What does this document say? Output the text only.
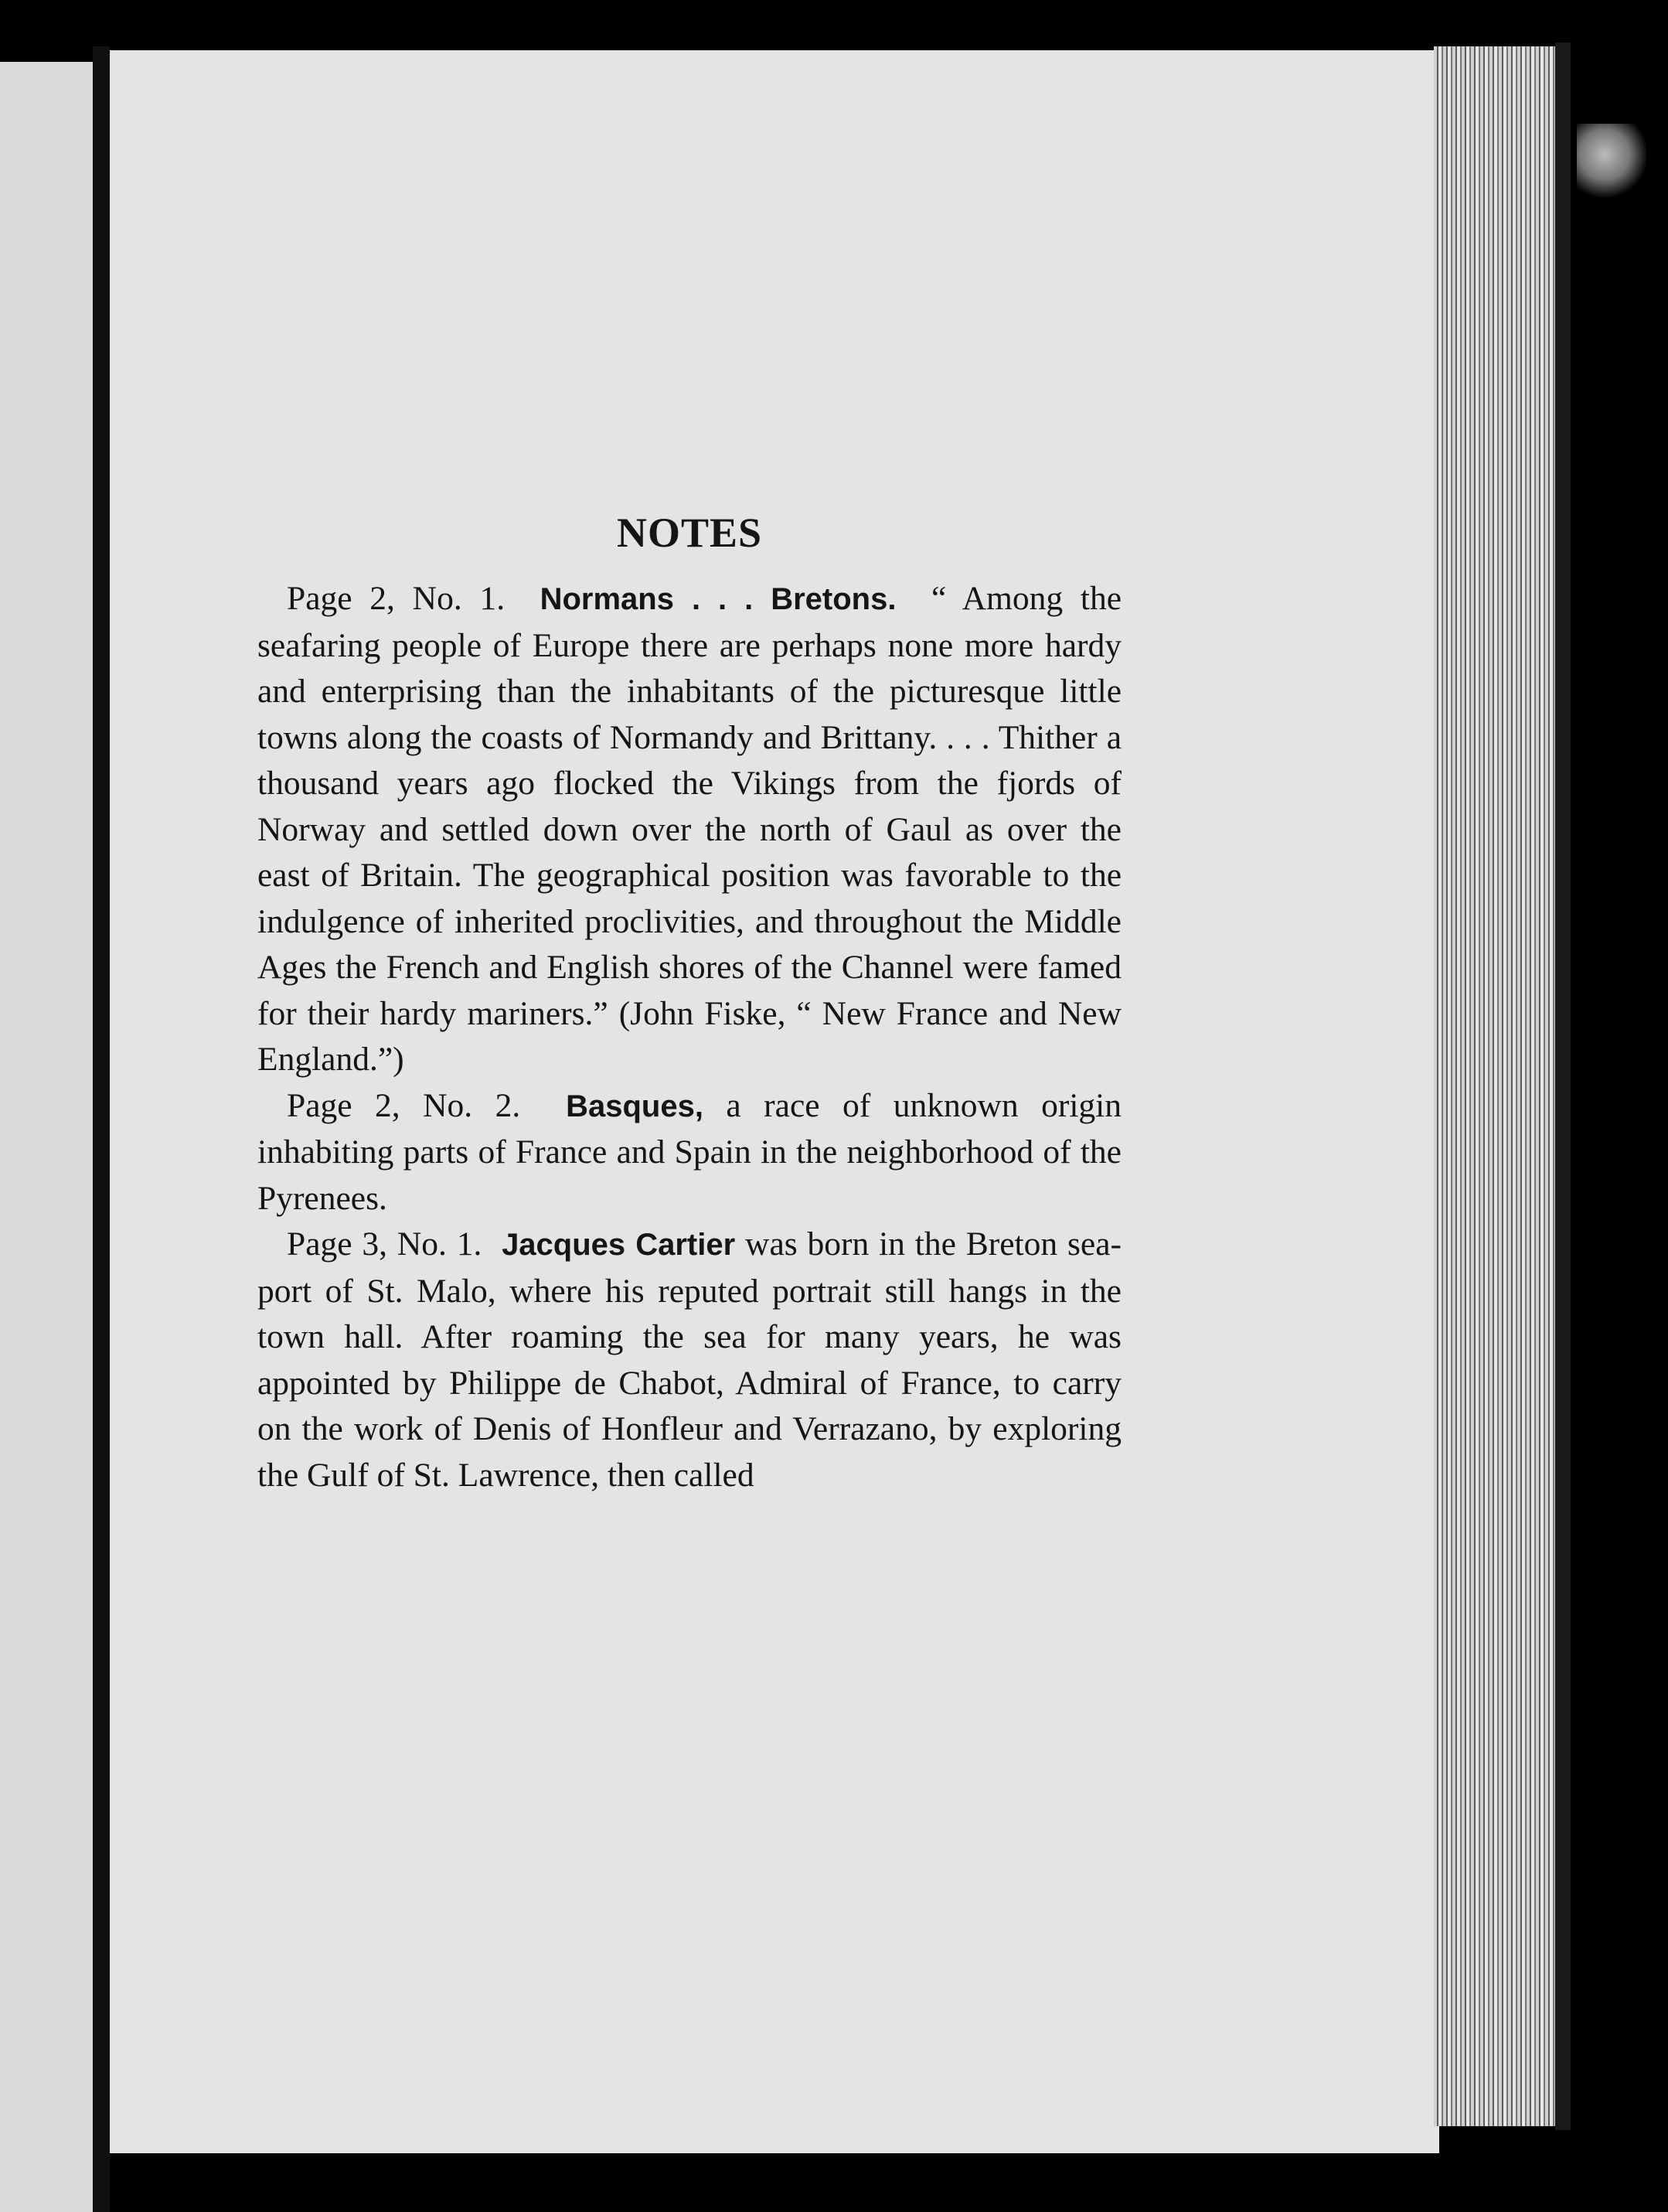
NOTES

Page 2, No. 1. Normans . . . Bretons. “ Among the seafaring people of Europe there are perhaps none more hardy and enterprising than the inhabitants of the picturesque little towns along the coasts of Normandy and Brittany. . . . Thither a thousand years ago flocked the Vikings from the fjords of Norway and settled down over the north of Gaul as over the east of Britain. The geographical position was favorable to the indulgence of inherited proclivities, and throughout the Middle Ages the French and English shores of the Channel were famed for their hardy mariners.” (John Fiske, “ New France and New England.”)

Page 2, No. 2. Basques, a race of unknown origin inhabiting parts of France and Spain in the neighborhood of the Pyrenees.

Page 3, No. 1. Jacques Cartier was born in the Breton sea-port of St. Malo, where his reputed portrait still hangs in the town hall. After roaming the sea for many years, he was appointed by Philippe de Chabot, Admiral of France, to carry on the work of Denis of Honfleur and Verrazano, by exploring the Gulf of St. Lawrence, then called
